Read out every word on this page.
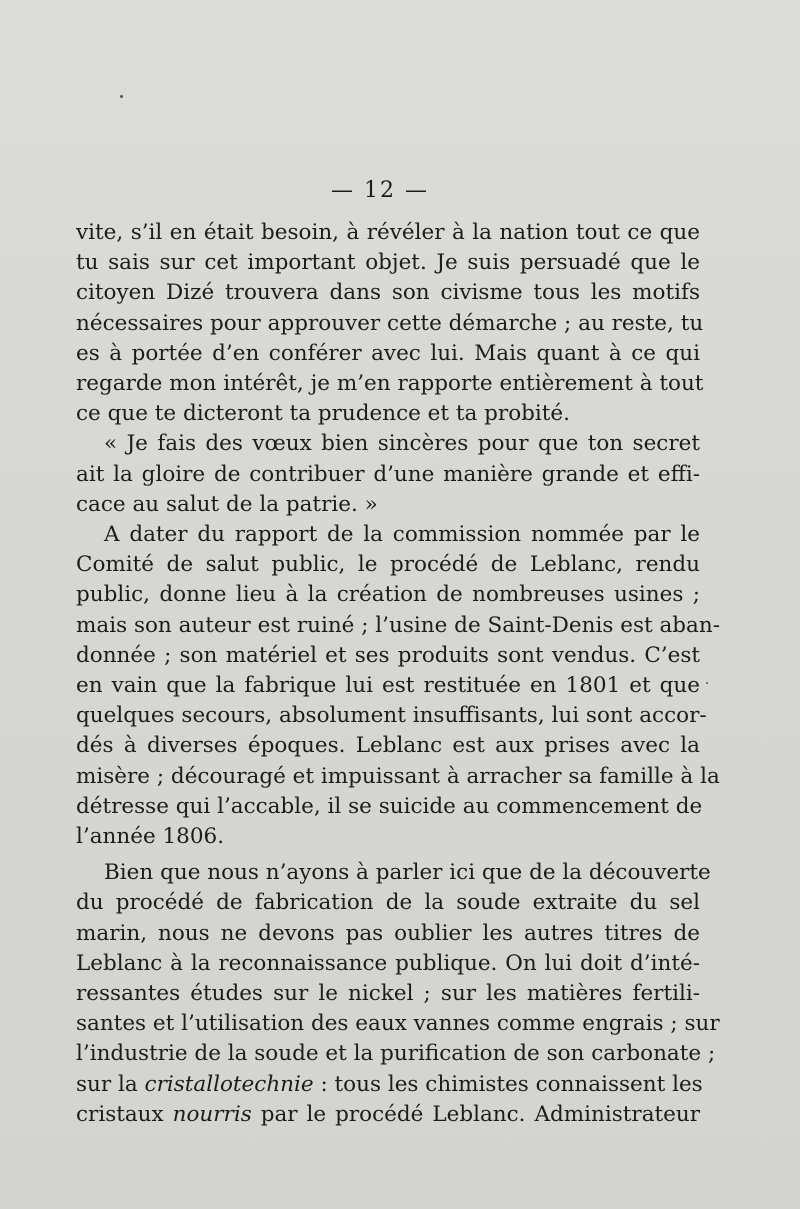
— 12 —

vite, s’il en était besoin, à révéler à la nation tout ce que
tu sais sur cet important objet. Je suis persuadé que le
citoyen Dizé trouvera dans son civisme tous les motifs
nécessaires pour approuver cette démarche ; au reste, tu
es à portée d’en conférer avec lui. Mais quant à ce qui
regarde mon intérêt, je m’en rapporte entièrement à tout
ce que te dicteront ta prudence et ta probité.

« Je fais des vœux bien sincères pour que ton secret
ait la gloire de contribuer d’une manière grande et effi-
cace au salut de la patrie. »

A dater du rapport de la commission nommée par le
Comité de salut public, le procédé de Leblanc, rendu
public, donne lieu à la création de nombreuses usines ;
mais son auteur est ruiné ; l’usine de Saint-Denis est aban-
donnée ; son matériel et ses produits sont vendus. C’est
en vain que la fabrique lui est restituée en 1801 et que
quelques secours, absolument insuffisants, lui sont accor-
dés à diverses époques. Leblanc est aux prises avec la
misère ; découragé et impuissant à arracher sa famille à la
détresse qui l’accable, il se suicide au commencement de
l’année 1806.

Bien que nous n’ayons à parler ici que de la découverte
du procédé de fabrication de la soude extraite du sel
marin, nous ne devons pas oublier les autres titres de
Leblanc à la reconnaissance publique. On lui doit d’inté-
ressantes études sur le nickel ; sur les matières fertili-
santes et l’utilisation des eaux vannes comme engrais ; sur
l’industrie de la soude et la purification de son carbonate ;
sur la cristallotechnie : tous les chimistes connaissent les
cristaux nourris par le procédé Leblanc. Administrateur
